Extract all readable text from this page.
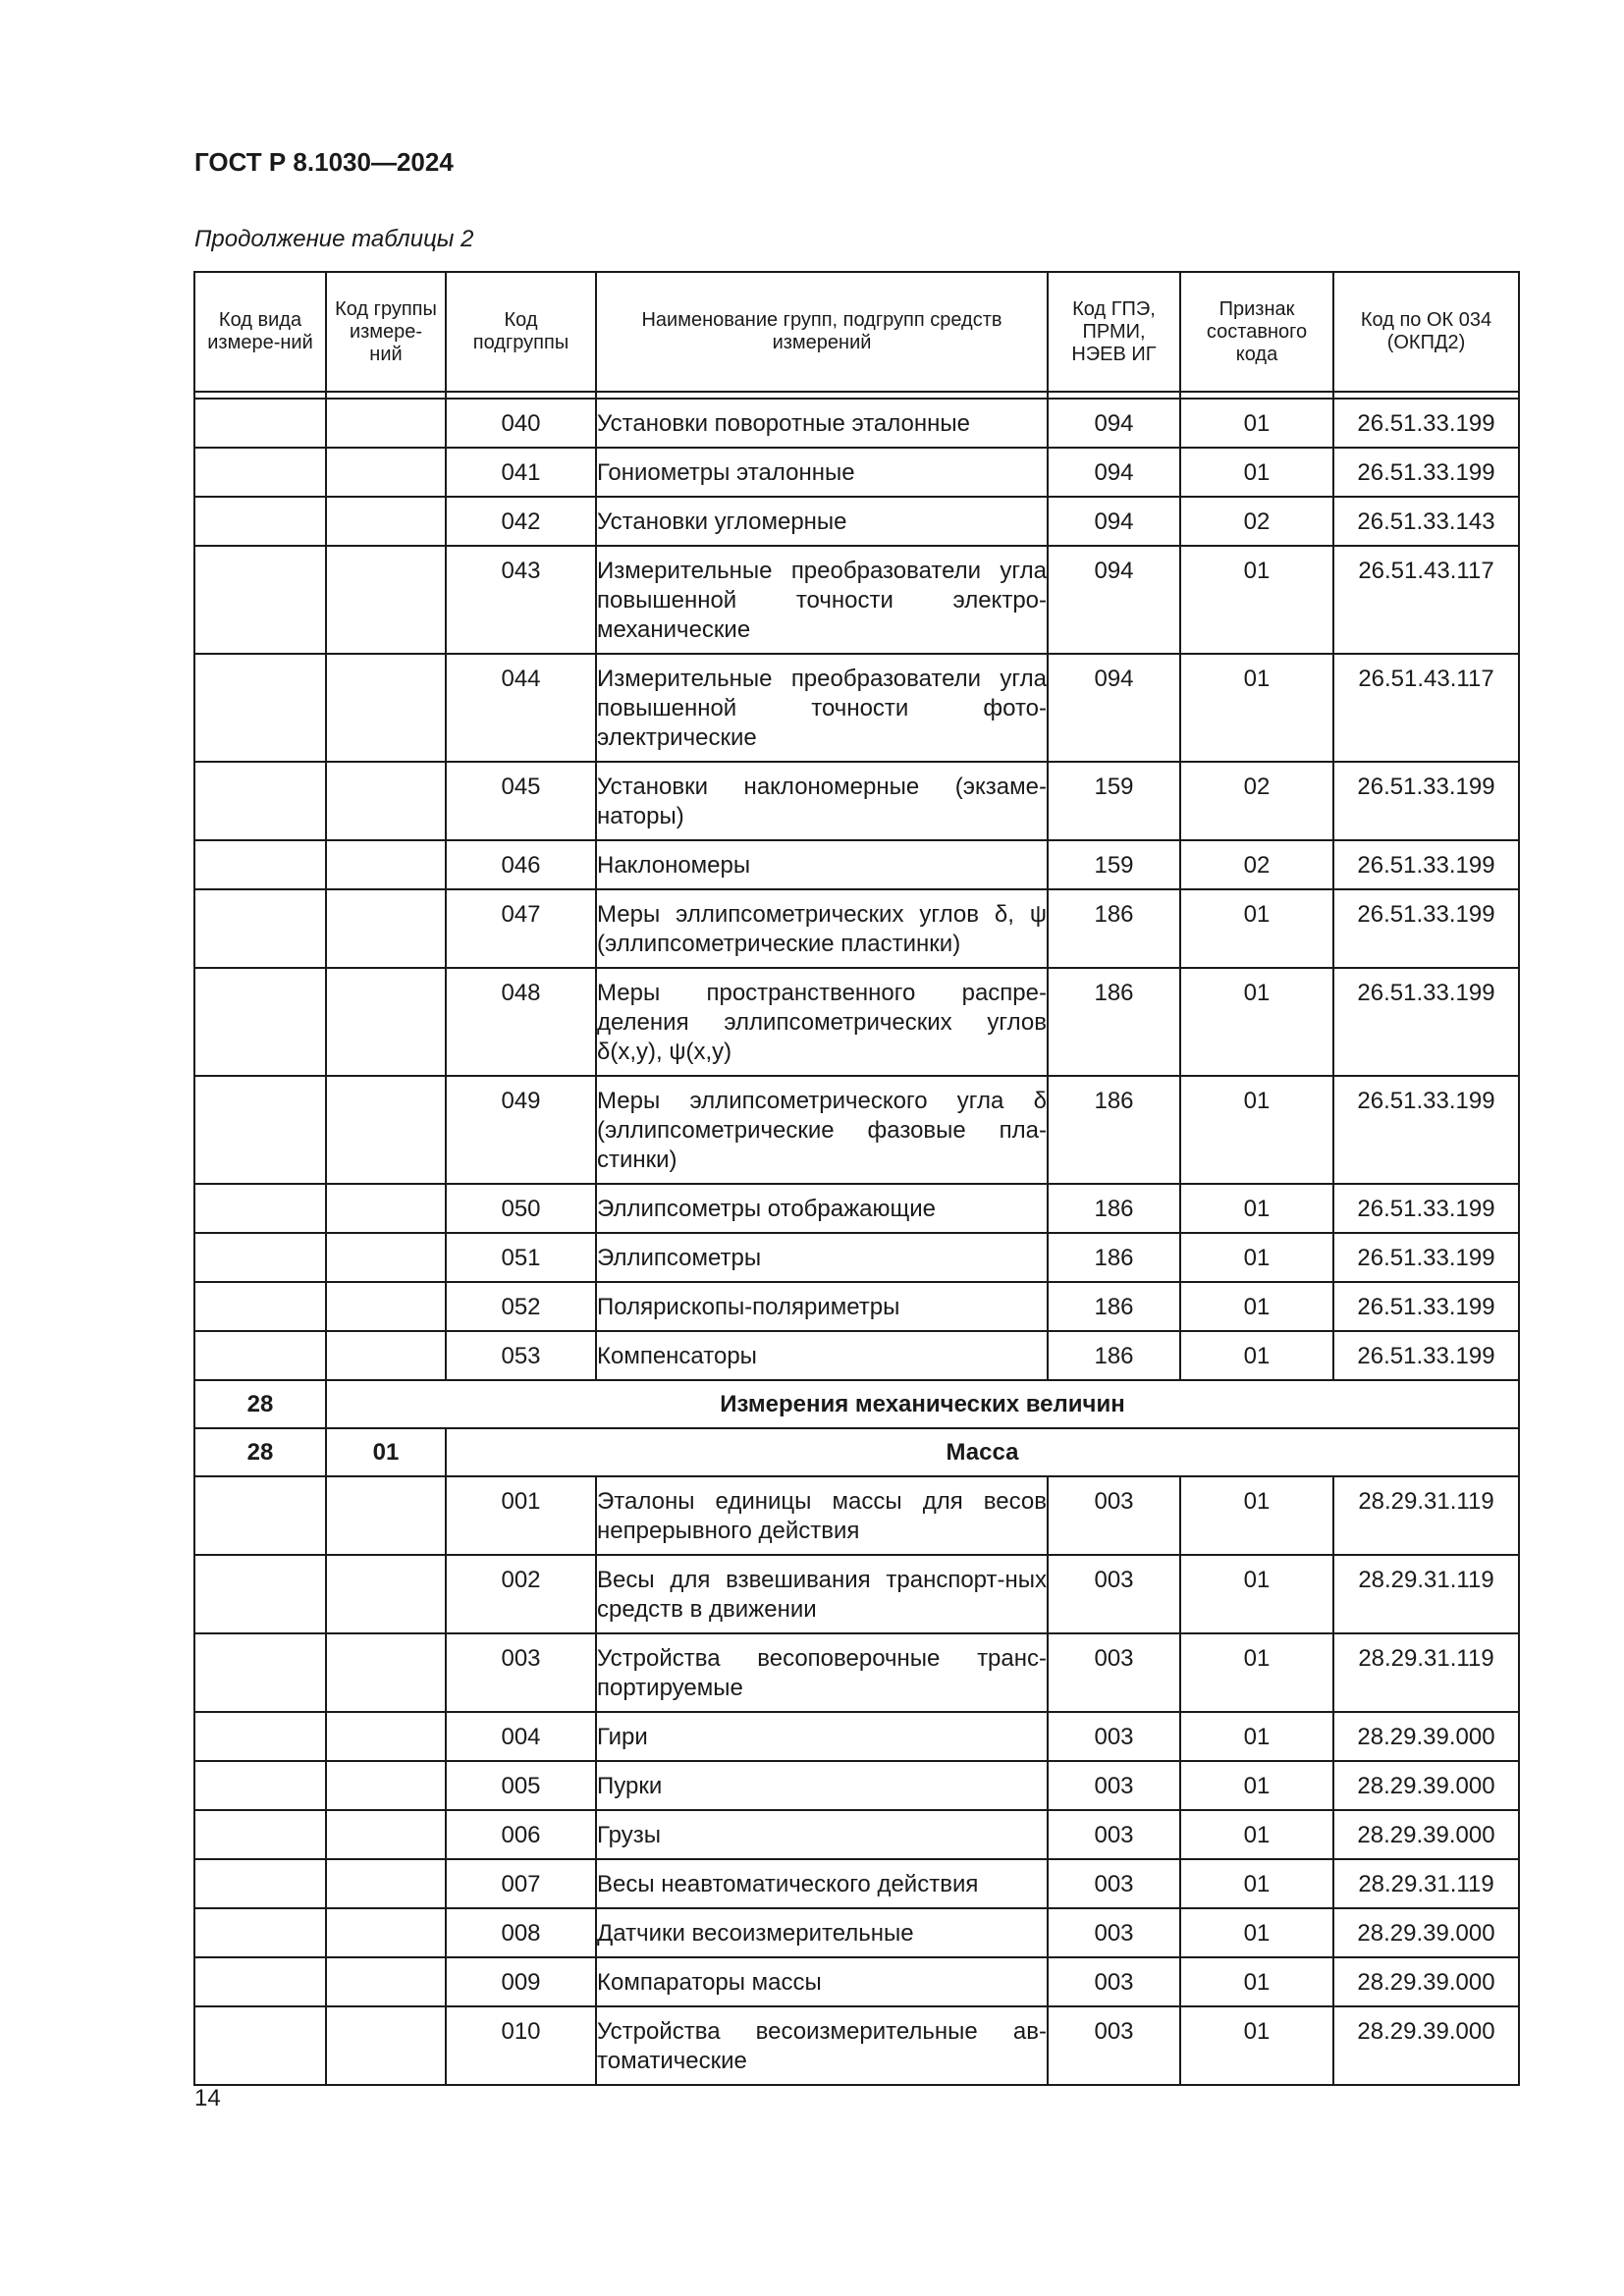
ГОСТ Р 8.1030—2024
Продолжение таблицы 2
Код вида измере-ний	Код группы измере-ний	Код подгруппы	Наименование групп, подгрупп средств измерений	Код ГПЭ, ПРМИ, НЭЕВ ИГ	Признак составного кода	Код по ОК 034 (ОКПД2)

		040	Установки поворотные эталонные	094	01	26.51.33.199

		041	Гониометры эталонные	094	01	26.51.33.199

		042	Установки угломерные	094	02	26.51.33.143

		043	Измерительные преобразователи угла повышенной точности электро-механические	094	01	26.51.43.117

		044	Измерительные преобразователи угла повышенной точности фото-электрические	094	01	26.51.43.117

		045	Установки наклономерные (экзаме-наторы)	159	02	26.51.33.199

		046	Наклономеры	159	02	26.51.33.199

		047	Меры эллипсометрических углов δ, ψ (эллипсометрические пластинки)	186	01	26.51.33.199

		048	Меры пространственного распре-деления эллипсометрических углов δ(x,y), ψ(x,y)	186	01	26.51.33.199

		049	Меры эллипсометрического угла δ (эллипсометрические фазовые пла-стинки)	186	01	26.51.33.199

		050	Эллипсометры отображающие	186	01	26.51.33.199

		051	Эллипсометры	186	01	26.51.33.199

		052	Полярископы-поляриметры	186	01	26.51.33.199

		053	Компенсаторы	186	01	26.51.33.199

28	Измерения механических величин					
28	01	Масса				

		001	Эталоны единицы массы для весов непрерывного действия	003	01	28.29.31.119

		002	Весы для взвешивания транспорт-ных средств в движении	003	01	28.29.31.119

		003	Устройства весоповерочные транс-портируемые	003	01	28.29.31.119

		004	Гири	003	01	28.29.39.000

		005	Пурки	003	01	28.29.39.000

		006	Грузы	003	01	28.29.39.000

		007	Весы неавтоматического действия	003	01	28.29.31.119

		008	Датчики весоизмерительные	003	01	28.29.39.000

		009	Компараторы массы	003	01	28.29.39.000

		010	Устройства весоизмерительные ав-томатические	003	01	28.29.39.000
14
